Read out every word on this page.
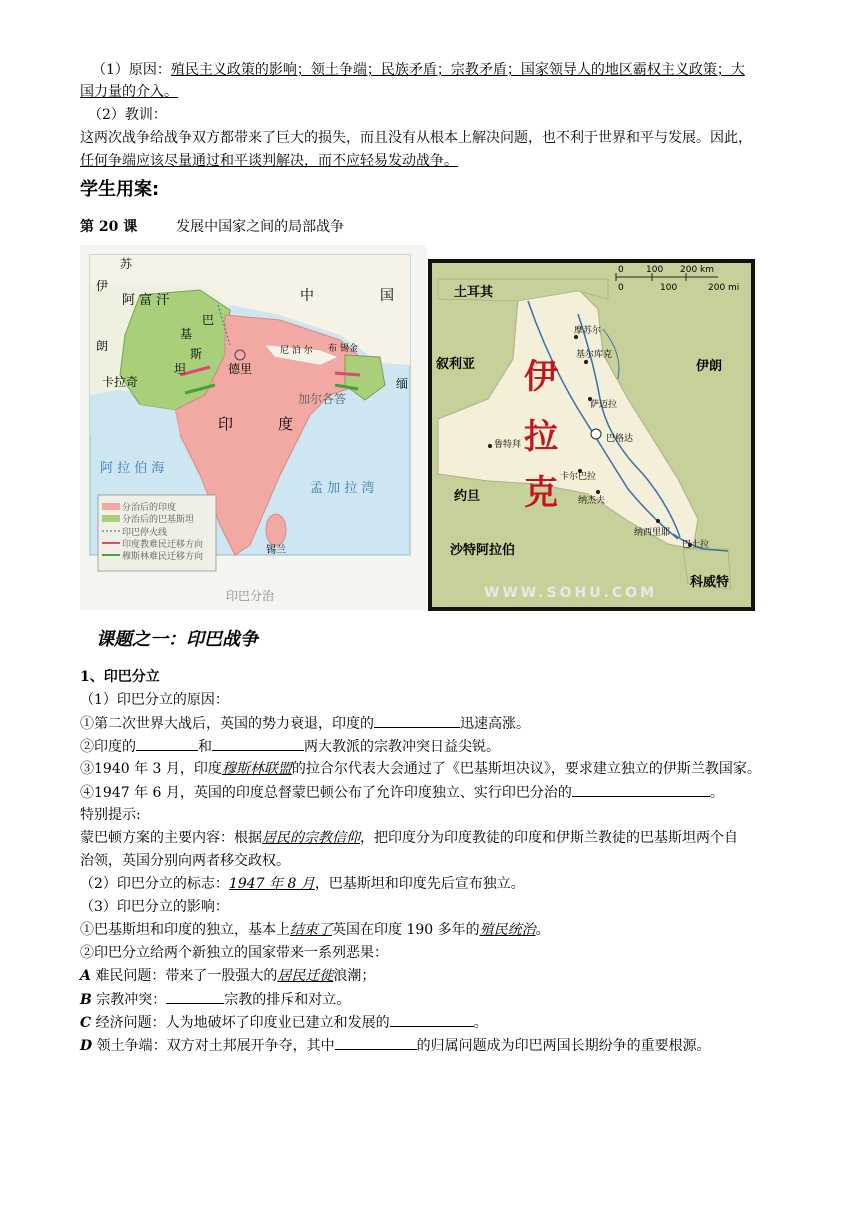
（1）原因：殖民主义政策的影响；领土争端；民族矛盾；宗教矛盾；国家领导人的地区霸权主义政策；大
国力量的介入。
（2）教训：
这两次战争给战争双方都带来了巨大的损失，而且没有从根本上解决问题，也不利于世界和平与发展。因此，
任何争端应该尽量通过和平谈判解决，而不应轻易发动战争。
学生用案:
第 20 课	发展中国家之间的局部战争
苏
伊
阿 富 汗	中	国
朗
基
巴
斯
坦
卡拉奇
德里
尼 泊 尔 布 锡金
加尔各答
缅
印	度
阿 拉 伯 海
孟 加 拉 湾
锡兰
分治后的印度
分治后的巴基斯坦
印巴停火线
印度教难民迁移方向
穆斯林难民迁移方向
印巴分治
0 100 200 km
0	100	200 mi
土耳其
叙利亚	伊朗
约旦
沙特阿拉伯
科威特
伊
拉
克
摩苏尔
基尔库克
萨迈拉
巴格达
鲁特拜
卡尔巴拉
纳杰夫
纳西里耶
巴士拉
WWW.SOHU.COM
课题之一：印巴战争
1、印巴分立
（1）印巴分立的原因：
①第二次世界大战后，英国的势力衰退，印度的	迅速高涨。
②印度的	和	两大教派的宗教冲突日益尖锐。
③1940 年 3 月，印度穆斯林联盟的拉合尔代表大会通过了《巴基斯坦决议》，要求建立独立的伊斯兰教国家。
④1947 年 6 月，英国的印度总督蒙巴顿公布了允许印度独立、实行印巴分治的	。
特别提示:
蒙巴顿方案的主要内容：根据居民的宗教信仰，把印度分为印度教徒的印度和伊斯兰教徒的巴基斯坦两个自
治领，英国分别向两者移交政权。
（2）印巴分立的标志：1947 年 8 月，巴基斯坦和印度先后宣布独立。
（3）印巴分立的影响：
①巴基斯坦和印度的独立，基本上结束了英国在印度 190 多年的殖民统治。
②印巴分立给两个新独立的国家带来一系列恶果：
A 难民问题：带来了一股强大的居民迁徙浪潮；
B 宗教冲突：	宗教的排斥和对立。
C 经济问题：人为地破坏了印度业已建立和发展的	。
D 领土争端：双方对土邦展开争夺，其中	的归属问题成为印巴两国长期纷争的重要根源。
